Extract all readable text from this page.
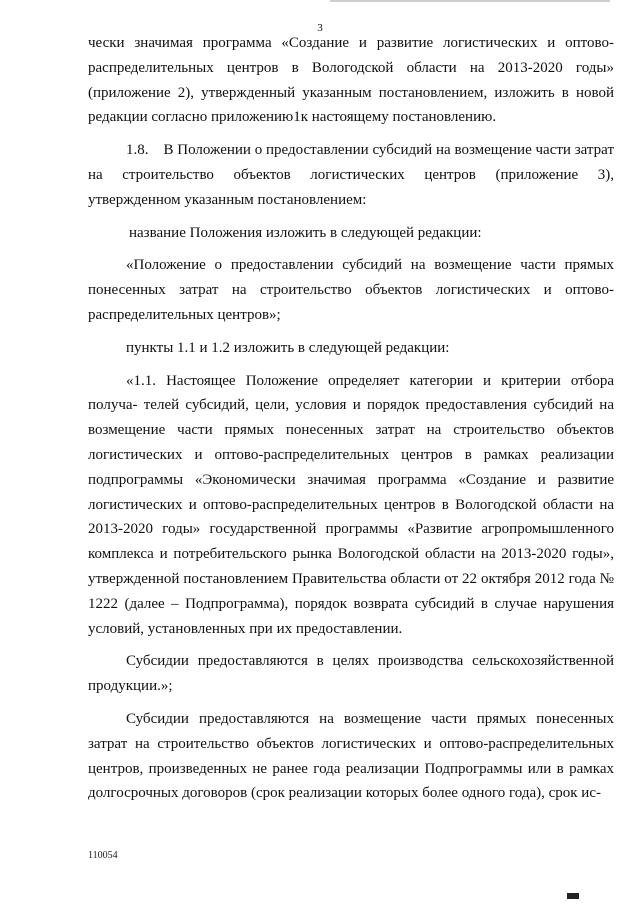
3

чески значимая программа «Создание и развитие логистических и оптово-распределительных центров в Вологодской области на 2013-2020 годы» (приложение 2), утвержденный указанным постановлением, изложить в новой редакции согласно приложению1к настоящему постановлению.

1.8. В Положении о предоставлении субсидий на возмещение части затрат на строительство объектов логистических центров (приложение 3), утвержденном указанным постановлением:

название Положения изложить в следующей редакции:

«Положение о предоставлении субсидий на возмещение части прямых понесенных затрат на строительство объектов логистических и оптово-распределительных центров»;

пункты 1.1 и 1.2 изложить в следующей редакции:

«1.1. Настоящее Положение определяет категории и критерии отбора получа- телей субсидий, цели, условия и порядок предоставления субсидий на возмещение части прямых понесенных затрат на строительство объектов логистических и оптово-распределительных центров в рамках реализации подпрограммы «Экономически значимая программа «Создание и развитие логистических и оптово-распределительных центров в Вологодской области на 2013-2020 годы» государственной программы «Развитие агропромышленного комплекса и потребительского рынка Вологодской области на 2013-2020 годы», утвержденной постановлением Правительства области от 22 октября 2012 года № 1222 (далее – Подпрограмма), порядок возврата субсидий в случае нарушения условий, установленных при их предоставлении.

Субсидии предоставляются в целях производства сельскохозяйственной продукции.»;

Субсидии предоставляются на возмещение части прямых понесенных затрат на строительство объектов логистических и оптово-распределительных центров, произведенных не ранее года реализации Подпрограммы или в рамках долгосрочных договоров (срок реализации которых более одного года), срок ис-

110054
